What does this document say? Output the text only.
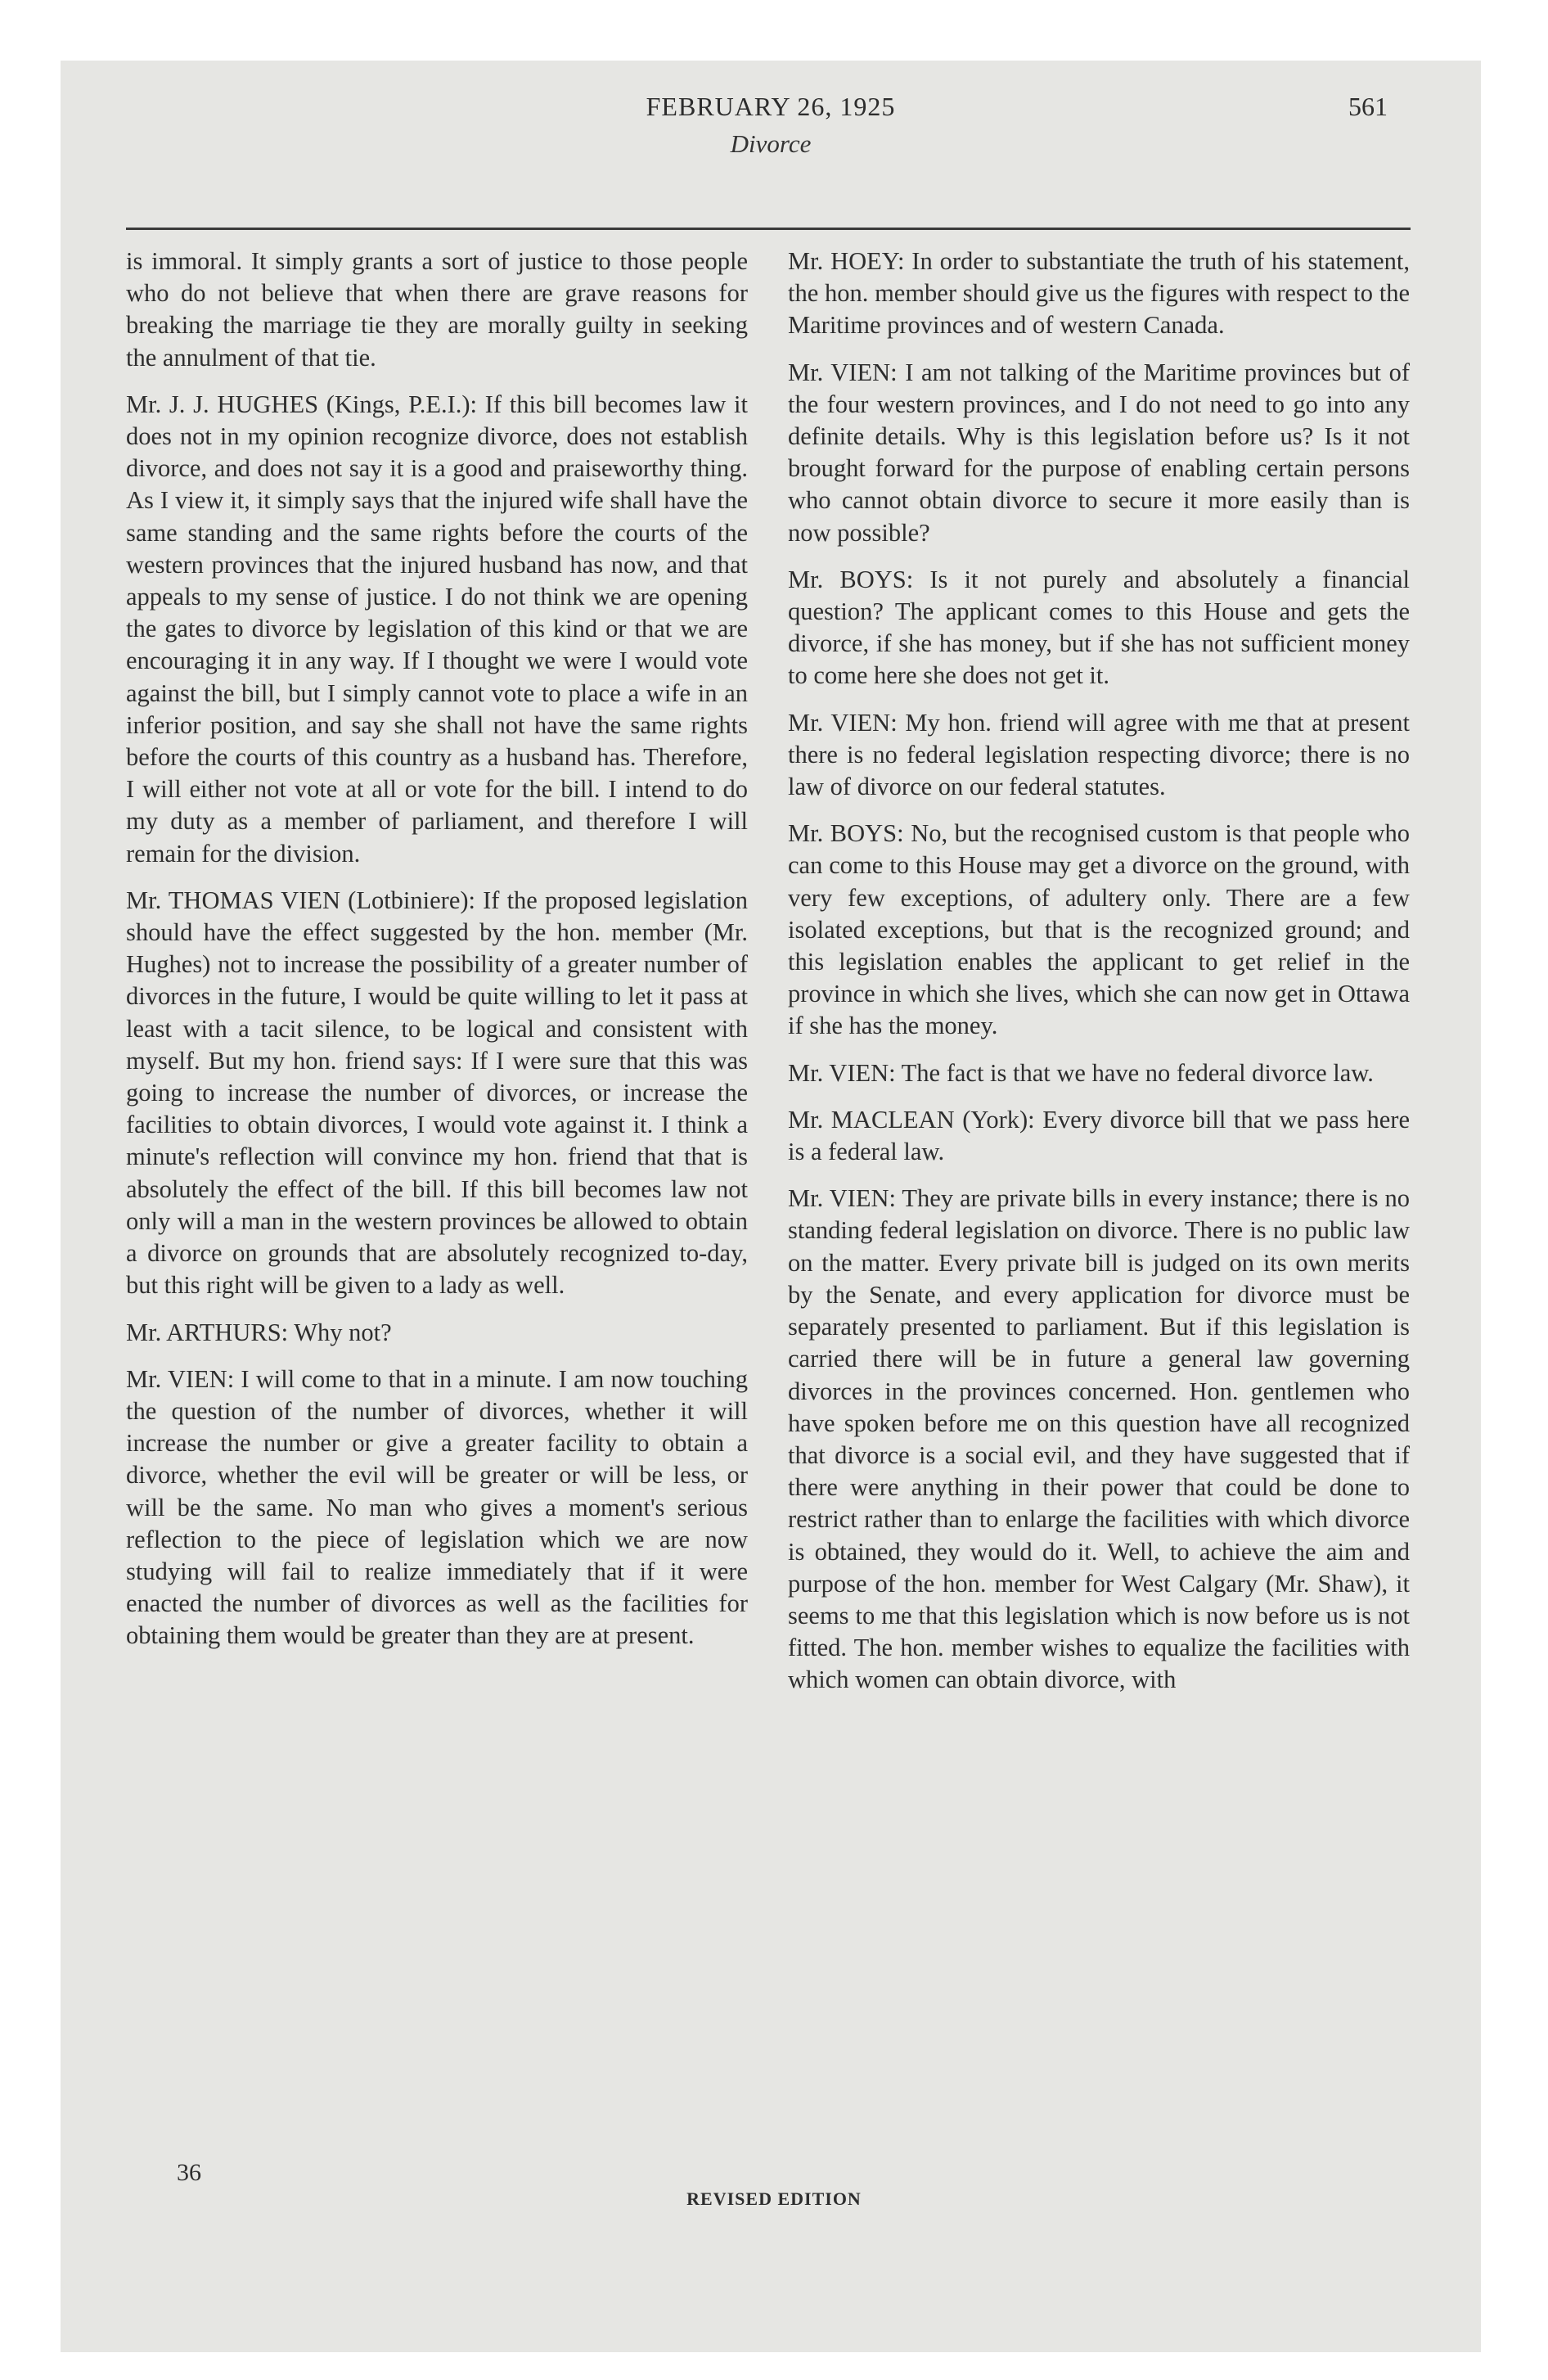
FEBRUARY 26, 1925	561
Divorce

is immoral. It simply grants a sort of justice to those people who do not believe that when there are grave reasons for breaking the marriage tie they are morally guilty in seeking the annulment of that tie.

Mr. J. J. HUGHES (Kings, P.E.I.): If this bill becomes law it does not in my opinion recognize divorce, does not establish divorce, and does not say it is a good and praiseworthy thing. As I view it, it simply says that the injured wife shall have the same standing and the same rights before the courts of the western provinces that the injured husband has now, and that appeals to my sense of justice. I do not think we are opening the gates to divorce by legislation of this kind or that we are encouraging it in any way. If I thought we were I would vote against the bill, but I simply cannot vote to place a wife in an inferior position, and say she shall not have the same rights before the courts of this country as a husband has. Therefore, I will either not vote at all or vote for the bill. I intend to do my duty as a member of parliament, and therefore I will remain for the division.

Mr. THOMAS VIEN (Lotbiniere): If the proposed legislation should have the effect suggested by the hon. member (Mr. Hughes) not to increase the possibility of a greater number of divorces in the future, I would be quite willing to let it pass at least with a tacit silence, to be logical and consistent with myself. But my hon. friend says: If I were sure that this was going to increase the number of divorces, or increase the facilities to obtain divorces, I would vote against it. I think a minute's reflection will convince my hon. friend that that is absolutely the effect of the bill. If this bill becomes law not only will a man in the western provinces be allowed to obtain a divorce on grounds that are absolutely recognized to-day, but this right will be given to a lady as well.

Mr. ARTHURS: Why not?

Mr. VIEN: I will come to that in a minute. I am now touching the question of the number of divorces, whether it will increase the number or give a greater facility to obtain a divorce, whether the evil will be greater or will be less, or will be the same. No man who gives a moment's serious reflection to the piece of legislation which we are now studying will fail to realize immediately that if it were enacted the number of divorces as well as the facilities for obtaining them would be greater than they are at present.

Mr. HOEY: In order to substantiate the truth of his statement, the hon. member should give us the figures with respect to the Maritime provinces and of western Canada.

Mr. VIEN: I am not talking of the Maritime provinces but of the four western provinces, and I do not need to go into any definite details. Why is this legislation before us? Is it not brought forward for the purpose of enabling certain persons who cannot obtain divorce to secure it more easily than is now possible?

Mr. BOYS: Is it not purely and absolutely a financial question? The applicant comes to this House and gets the divorce, if she has money, but if she has not sufficient money to come here she does not get it.

Mr. VIEN: My hon. friend will agree with me that at present there is no federal legislation respecting divorce; there is no law of divorce on our federal statutes.

Mr. BOYS: No, but the recognised custom is that people who can come to this House may get a divorce on the ground, with very few exceptions, of adultery only. There are a few isolated exceptions, but that is the recognized ground; and this legislation enables the applicant to get relief in the province in which she lives, which she can now get in Ottawa if she has the money.

Mr. VIEN: The fact is that we have no federal divorce law.

Mr. MACLEAN (York): Every divorce bill that we pass here is a federal law.

Mr. VIEN: They are private bills in every instance; there is no standing federal legislation on divorce. There is no public law on the matter. Every private bill is judged on its own merits by the Senate, and every application for divorce must be separately presented to parliament. But if this legislation is carried there will be in future a general law governing divorces in the provinces concerned. Hon. gentlemen who have spoken before me on this question have all recognized that divorce is a social evil, and they have suggested that if there were anything in their power that could be done to restrict rather than to enlarge the facilities with which divorce is obtained, they would do it. Well, to achieve the aim and purpose of the hon. member for West Calgary (Mr. Shaw), it seems to me that this legislation which is now before us is not fitted. The hon. member wishes to equalize the facilities with which women can obtain divorce, with

36
REVISED EDITION
